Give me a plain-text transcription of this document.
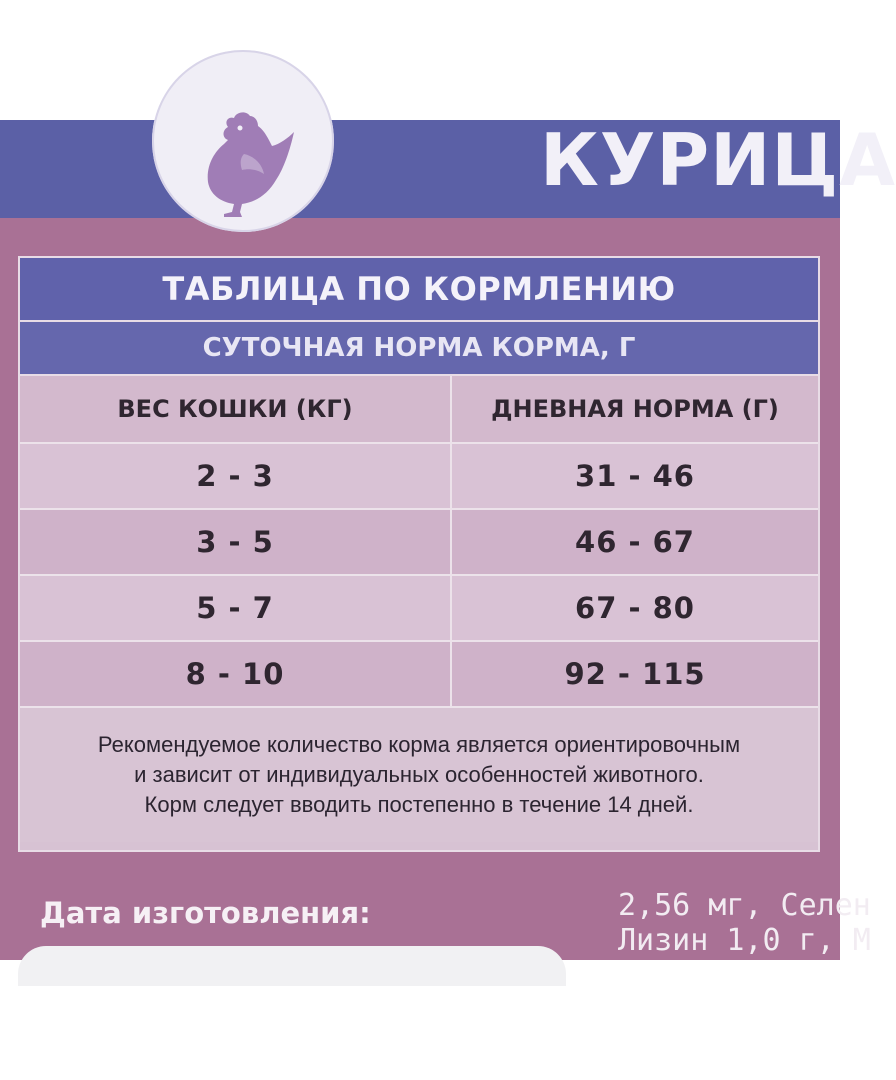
КУРИЦА
ТАБЛИЦА ПО КОРМЛЕНИЮ
СУТОЧНАЯ НОРМА КОРМА, Г
ВЕС КОШКИ (КГ)	ДНЕВНАЯ НОРМА (Г)
2 - 3	31 - 46
3 - 5	46 - 67
5 - 7	67 - 80
8 - 10	92 - 115
Рекомендуемое количество корма является ориентировочным
и зависит от индивидуальных особенностей животного.
Корм следует вводить постепенно в течение 14 дней.
Дата изготовления:	2,56 мг, Селен
Лизин 1,0 г, М
